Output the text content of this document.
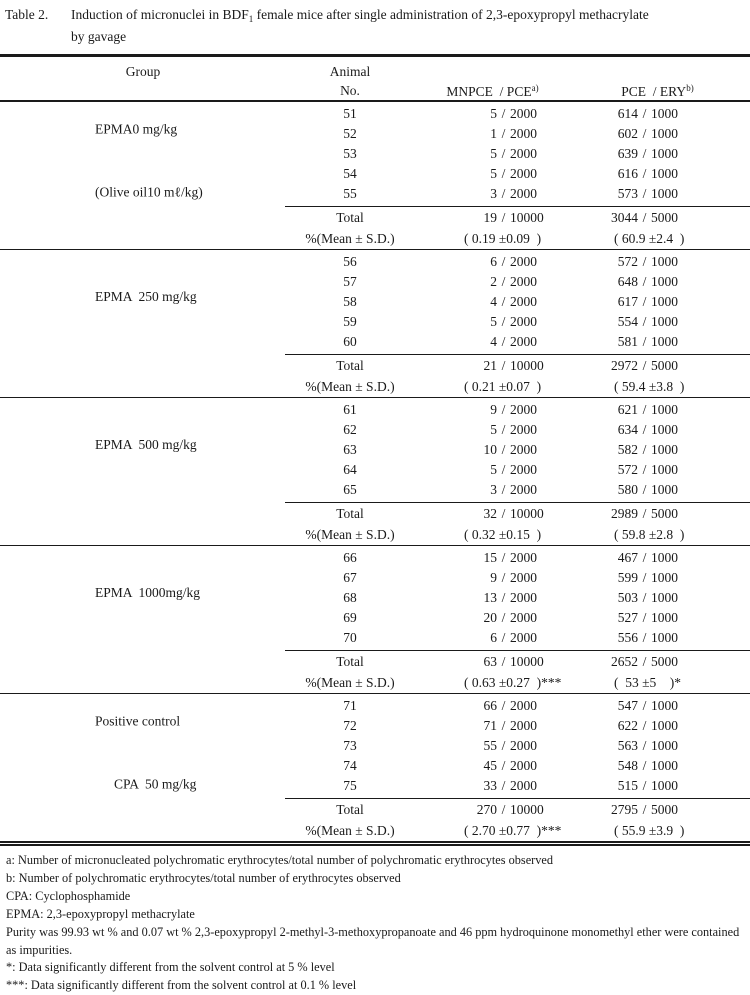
Table 2.	Induction of micronuclei in $BDF_1$ female mice after single administration of 2,3-epoxypropyl methacrylate
by gavage
Group	Animal
No.	MNPCE  / PCE$^{a)}$	PCE  / ERY$^{b)}$

EPMA0 mg/kg

(Olive oil10 mℓ/kg)

51	5 / 2000	614 / 1000
52	1 / 2000	602 / 1000
53	5 / 2000	639 / 1000
54	5 / 2000	616 / 1000
55	3 / 2000	573 / 1000
Total	19 / 10000	3044 / 5000
%(Mean ± S.D.)	( 0.19 ±0.09  )	( 60.9 ±2.4  )

EPMA  250 mg/kg

56	6 / 2000	572 / 1000
57	2 / 2000	648 / 1000
58	4 / 2000	617 / 1000
59	5 / 2000	554 / 1000
60	4 / 2000	581 / 1000
Total	21 / 10000	2972 / 5000
%(Mean ± S.D.)	( 0.21 ±0.07  )	( 59.4 ±3.8  )

EPMA  500 mg/kg

61	9 / 2000	621 / 1000
62	5 / 2000	634 / 1000
63	10 / 2000	582 / 1000
64	5 / 2000	572 / 1000
65	3 / 2000	580 / 1000
Total	32 / 10000	2989 / 5000
%(Mean ± S.D.)	( 0.32 ±0.15  )	( 59.8 ±2.8  )

EPMA  1000mg/kg

66	15 / 2000	467 / 1000
67	9 / 2000	599 / 1000
68	13 / 2000	503 / 1000
69	20 / 2000	527 / 1000
70	6 / 2000	556 / 1000
Total	63 / 10000	2652 / 5000
%(Mean ± S.D.)	( 0.63 ±0.27  )***	(  53 ±5    )*

Positive control

CPA  50 mg/kg

71	66 / 2000	547 / 1000
72	71 / 2000	622 / 1000
73	55 / 2000	563 / 1000
74	45 / 2000	548 / 1000
75	33 / 2000	515 / 1000
Total	270 / 10000	2795 / 5000
%(Mean ± S.D.)	( 2.70 ±0.77  )***	( 55.9 ±3.9  )
a: Number of micronucleated polychromatic erythrocytes/total number of polychromatic erythrocytes observed
b: Number of polychromatic erythrocytes/total number of erythrocytes observed
CPA: Cyclophosphamide
EPMA: 2,3-epoxypropyl methacrylate
Purity was 99.93 wt % and 0.07 wt % 2,3-epoxypropyl 2-methyl-3-methoxypropanoate and 46 ppm hydroquinone monomethyl ether were contained as impurities.
*: Data significantly different from the solvent control at 5 % level
***: Data significantly different from the solvent control at 0.1 % level
